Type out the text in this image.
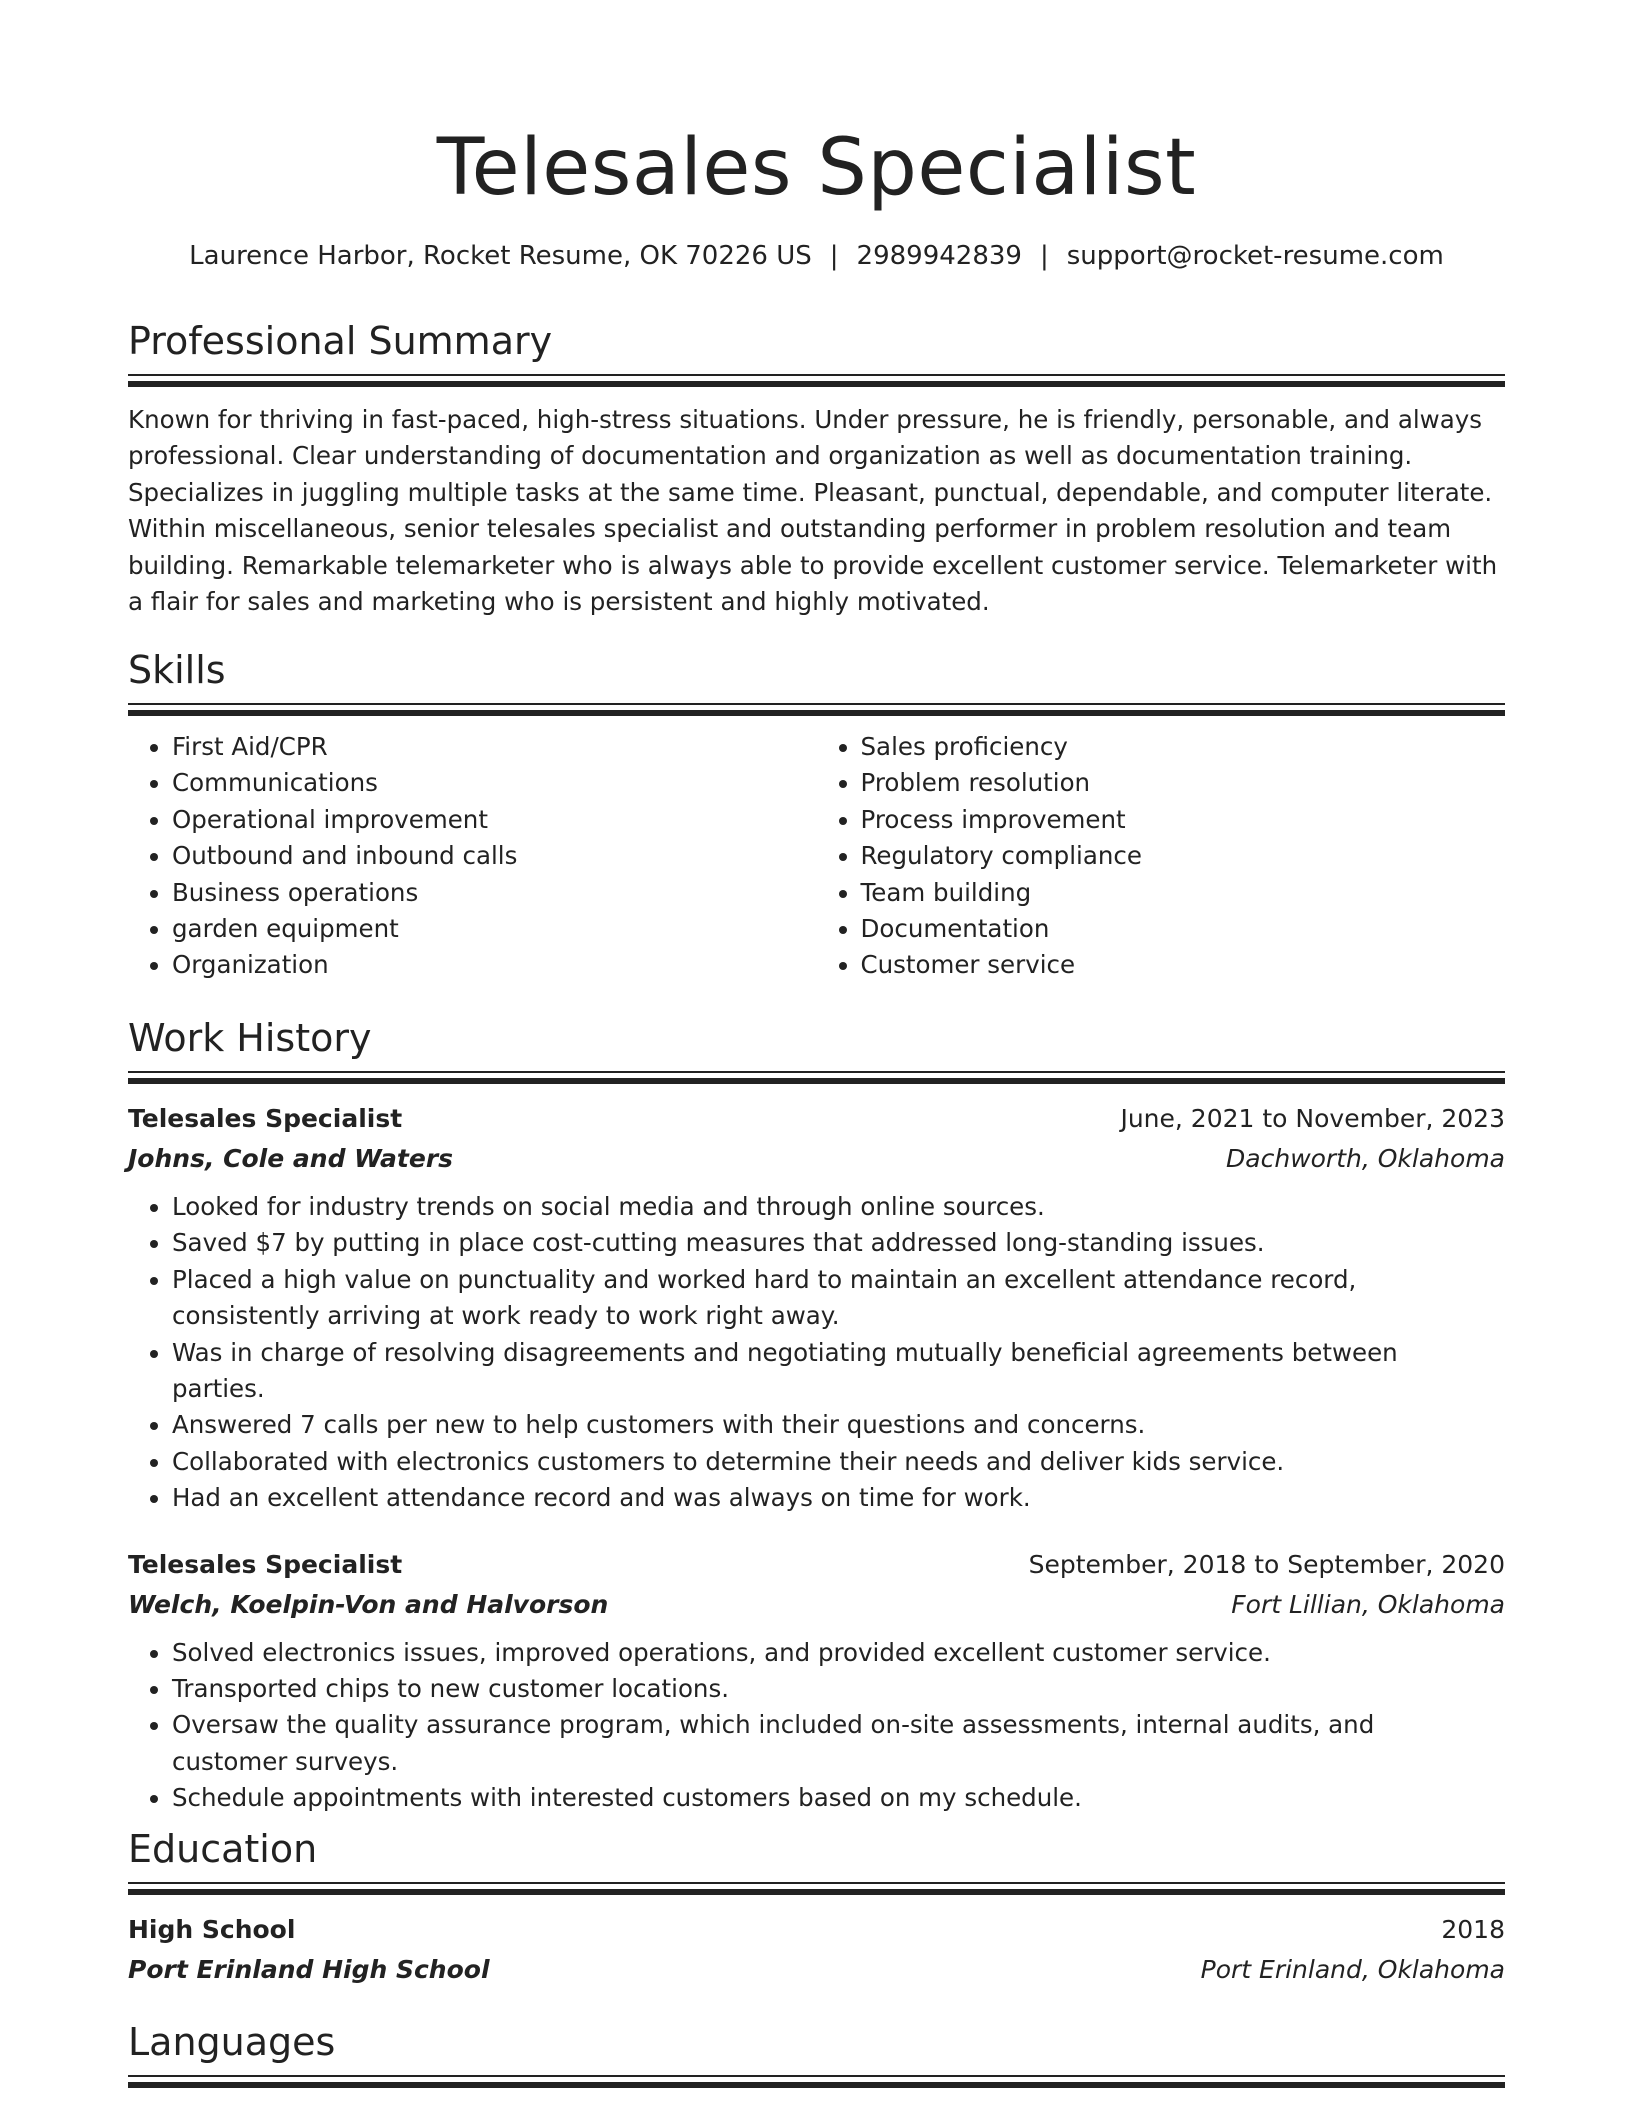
Telesales Specialist
Laurence Harbor, Rocket Resume, OK 70226 US | 2989942839 | support@rocket-resume.com
Professional Summary

Known for thriving in fast-paced, high-stress situations. Under pressure, he is friendly, personable, and always professional. Clear understanding of documentation and organization as well as documentation training. Specializes in juggling multiple tasks at the same time. Pleasant, punctual, dependable, and computer literate. Within miscellaneous, senior telesales specialist and outstanding performer in problem resolution and team building. Remarkable telemarketer who is always able to provide excellent customer service. Telemarketer with a flair for sales and marketing who is persistent and highly motivated.

Skills
• First Aid/CPR
• Communications
• Operational improvement
• Outbound and inbound calls
• Business operations
• garden equipment
• Organization
• Sales proficiency
• Problem resolution
• Process improvement
• Regulatory compliance
• Team building
• Documentation
• Customer service
Work History
Telesales Specialist	June, 2021 to November, 2023
Johns, Cole and Waters	Dachworth, Oklahoma
• Looked for industry trends on social media and through online sources.
• Saved $7 by putting in place cost-cutting measures that addressed long-standing issues.
• Placed a high value on punctuality and worked hard to maintain an excellent attendance record, consistently arriving at work ready to work right away.
• Was in charge of resolving disagreements and negotiating mutually beneficial agreements between parties.
• Answered 7 calls per new to help customers with their questions and concerns.
• Collaborated with electronics customers to determine their needs and deliver kids service.
• Had an excellent attendance record and was always on time for work.
Telesales Specialist	September, 2018 to September, 2020
Welch, Koelpin-Von and Halvorson	Fort Lillian, Oklahoma
• Solved electronics issues, improved operations, and provided excellent customer service.
• Transported chips to new customer locations.
• Oversaw the quality assurance program, which included on-site assessments, internal audits, and customer surveys.
• Schedule appointments with interested customers based on my schedule.
Education
High School	2018
Port Erinland High School	Port Erinland, Oklahoma
Languages
